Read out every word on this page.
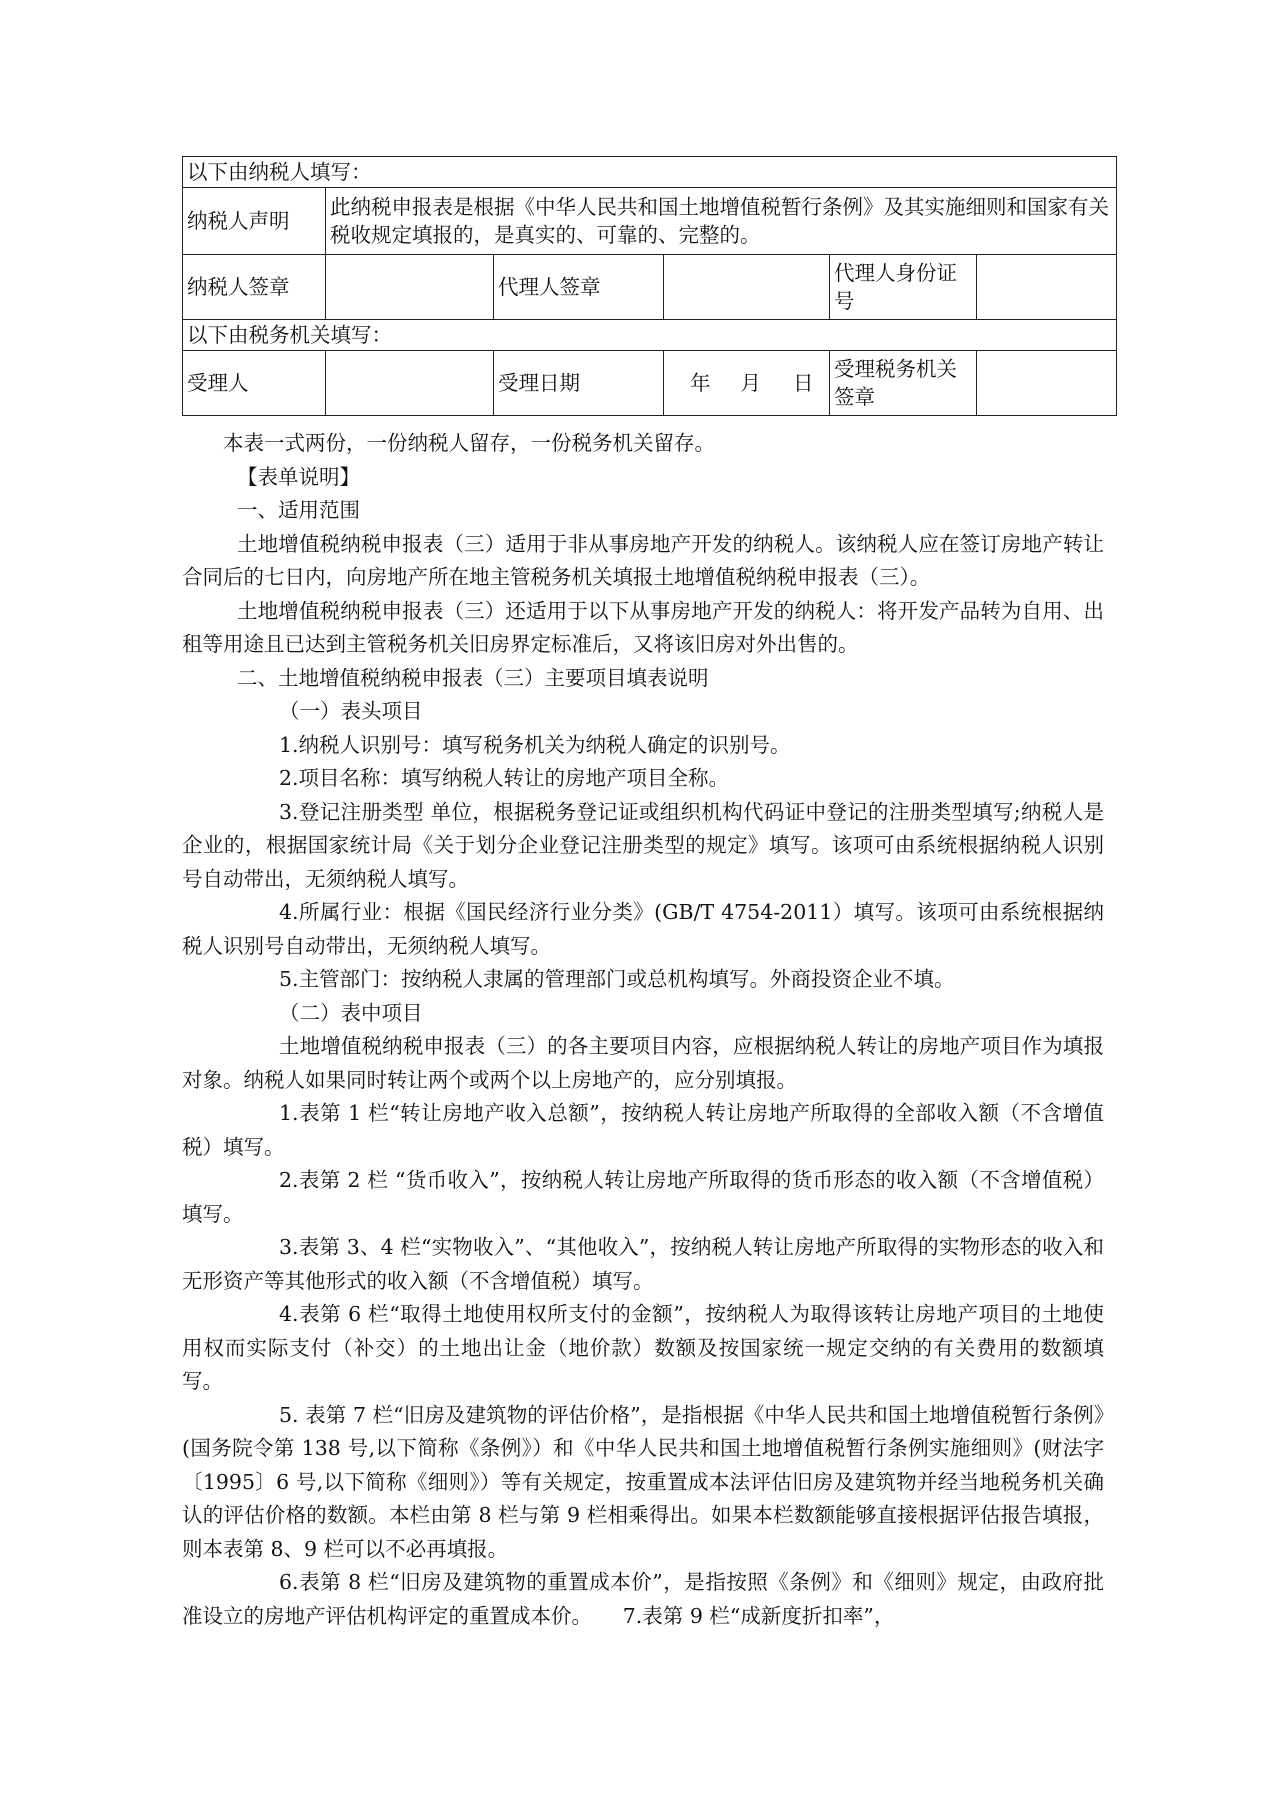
以下由纳税人填写：					
纳税人声明	此纳税申报表是根据《中华人民共和国土地增值税暂行条例》及其实施细则和国家有关税收规定填报的，是真实的、可靠的、完整的。				
纳税人签章		代理人签章		代理人身份证号	
以下由税务机关填写：					
受理人		受理日期	年 月 日	受理税务机关签章	

本表一式两份，一份纳税人留存，一份税务机关留存。

【表单说明】

一、适用范围

土地增值税纳税申报表（三）适用于非从事房地产开发的纳税人。该纳税人应在签订房地产转让合同后的七日内，向房地产所在地主管税务机关填报土地增值税纳税申报表（三）。

土地增值税纳税申报表（三）还适用于以下从事房地产开发的纳税人：将开发产品转为自用、出租等用途且已达到主管税务机关旧房界定标准后，又将该旧房对外出售的。

二、土地增值税纳税申报表（三）主要项目填表说明

（一）表头项目

1.纳税人识别号：填写税务机关为纳税人确定的识别号。

2.项目名称：填写纳税人转让的房地产项目全称。

3.登记注册类型 单位，根据税务登记证或组织机构代码证中登记的注册类型填写;纳税人是企业的，根据国家统计局《关于划分企业登记注册类型的规定》填写。该项可由系统根据纳税人识别号自动带出，无须纳税人填写。

4.所属行业：根据《国民经济行业分类》(GB/T 4754-2011）填写。该项可由系统根据纳税人识别号自动带出，无须纳税人填写。

5.主管部门：按纳税人隶属的管理部门或总机构填写。外商投资企业不填。

（二）表中项目

土地增值税纳税申报表（三）的各主要项目内容，应根据纳税人转让的房地产项目作为填报对象。纳税人如果同时转让两个或两个以上房地产的，应分别填报。

1.表第 1 栏“转让房地产收入总额”，按纳税人转让房地产所取得的全部收入额（不含增值税）填写。

2.表第 2 栏 “货币收入”，按纳税人转让房地产所取得的货币形态的收入额（不含增值税）填写。

3.表第 3、4 栏“实物收入”、“其他收入”，按纳税人转让房地产所取得的实物形态的收入和无形资产等其他形式的收入额（不含增值税）填写。

4.表第 6 栏“取得土地使用权所支付的金额”，按纳税人为取得该转让房地产项目的土地使用权而实际支付（补交）的土地出让金（地价款）数额及按国家统一规定交纳的有关费用的数额填写。

5. 表第 7 栏“旧房及建筑物的评估价格”，是指根据《中华人民共和国土地增值税暂行条例》(国务院令第 138 号,以下简称《条例》）和《中华人民共和国土地增值税暂行条例实施细则》(财法字〔1995〕6 号,以下简称《细则》）等有关规定，按重置成本法评估旧房及建筑物并经当地税务机关确认的评估价格的数额。本栏由第 8 栏与第 9 栏相乘得出。如果本栏数额能够直接根据评估报告填报，则本表第 8、9 栏可以不必再填报。

6.表第 8 栏“旧房及建筑物的重置成本价”，是指按照《条例》和《细则》规定，由政府批准设立的房地产评估机构评定的重置成本价。　　7.表第 9 栏“成新度折扣率”，
